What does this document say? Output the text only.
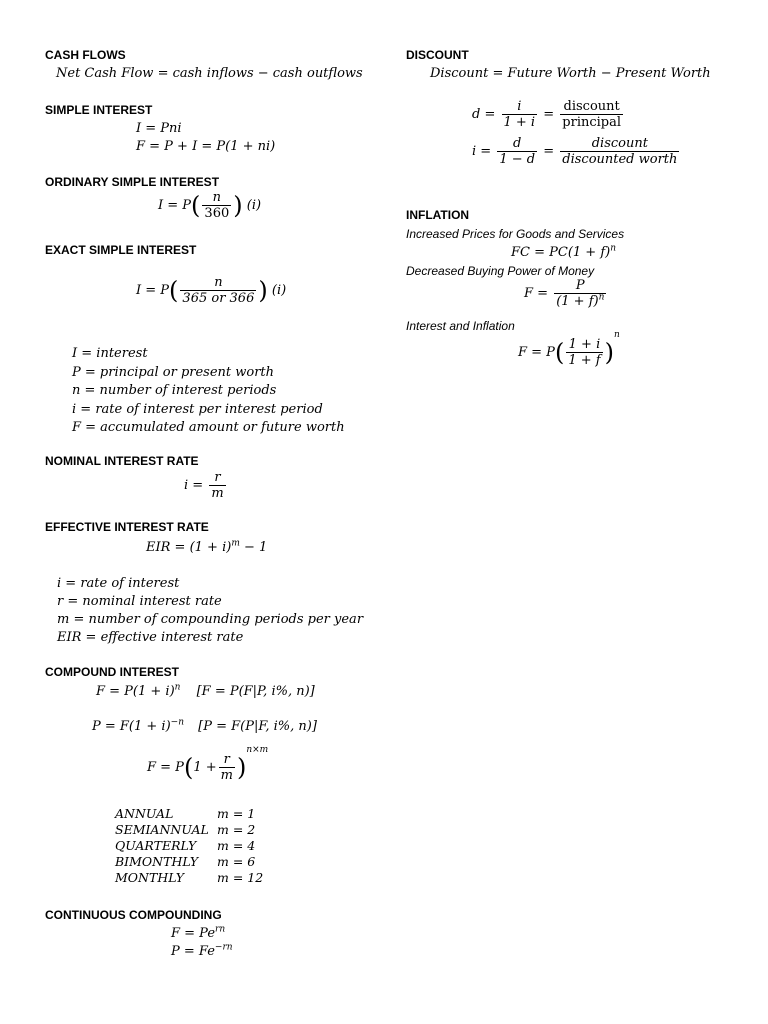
CASH FLOWS
Net Cash Flow = cash inflows − cash outflows
SIMPLE INTEREST
I = Pni
F = P + I = P(1 + ni)
ORDINARY SIMPLE INTEREST
$I = P( \frac{n}{360}$ ) (i)
EXACT SIMPLE INTEREST
$I = P( \frac{n}{365 or 366}$ ) (i)
I = interest
P = principal or present worth
n = number of interest periods
i = rate of interest per interest period
F = accumulated amount or future worth
NOMINAL INTEREST RATE
$i = \frac{r}{m}$
EFFECTIVE INTEREST RATE
EIR = $(1 + i)^m - 1$
i = rate of interest
r = nominal interest rate
m = number of compounding periods per year
EIR = effective interest rate
COMPOUND INTEREST
$F = P(1 + i)^n$ [F = P(F|P, i%, n)]
$P = F(1 + i)^{-n}$ [P = F(P|F, i%, n)]
$F = P(1 + \frac{r}{m} )^{n\times m}$
ANNUAL	m = 1
SEMIANNUAL m = 2
QUARTERLY	m = 4
BIMONTHLY	m = 6
MONTHLY	m = 12
CONTINUOUS COMPOUNDING
$F = Pe^{rn}$
$P = Fe^{-rn}$
DISCOUNT
Discount = Future Worth − Present Worth
$d = \frac{i}{1 + i} = \frac{\text{discount}}{\text{principal}}$
$i = \frac{d}{1 - d} = \frac{\text{discount}}{\text{discounted worth}}$
INFLATION
Increased Prices for Goods and Services
FC = $PC(1 + f)^n$
Decreased Buying Power of Money
$F = \frac{P}{(1 + f)^n}$
Interest and Inflation
$F = P( \frac{1 + i}{1 + f} )^n$
